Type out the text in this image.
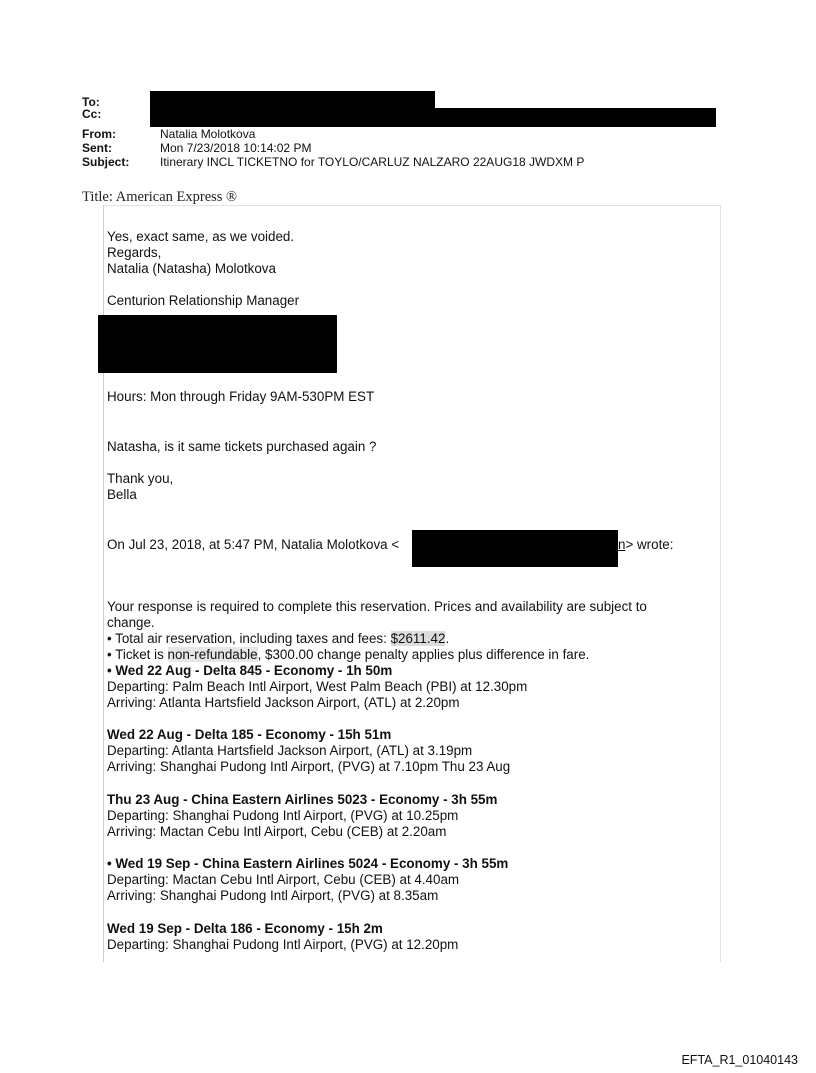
To:
Cc:
From:	Natalia Molotkova
Sent:	Mon 7/23/2018 10:14:02 PM
Subject:	Itinerary INCL TICKETNO for TOYLO/CARLUZ NALZARO 22AUG18 JWDXM P
Title: American Express ®
Yes, exact same, as we voided.
Regards,
Natalia (Natasha) Molotkova
Centurion Relationship Manager
Hours: Mon through Friday 9AM-530PM EST
Natasha, is it same tickets purchased again ?
Thank you,
Bella
On Jul 23, 2018, at 5:47 PM, Natalia Molotkova <	n> wrote:
Your response is required to complete this reservation. Prices and availability are subject to
change.
• Total air reservation, including taxes and fees: $2611.42.
• Ticket is non-refundable, $300.00 change penalty applies plus difference in fare.
• Wed 22 Aug - Delta 845 - Economy - 1h 50m
Departing: Palm Beach Intl Airport, West Palm Beach (PBI) at 12.30pm
Arriving: Atlanta Hartsfield Jackson Airport, (ATL) at 2.20pm
Wed 22 Aug - Delta 185 - Economy - 15h 51m
Departing: Atlanta Hartsfield Jackson Airport, (ATL) at 3.19pm
Arriving: Shanghai Pudong Intl Airport, (PVG) at 7.10pm Thu 23 Aug
Thu 23 Aug - China Eastern Airlines 5023 - Economy - 3h 55m
Departing: Shanghai Pudong Intl Airport, (PVG) at 10.25pm
Arriving: Mactan Cebu Intl Airport, Cebu (CEB) at 2.20am
• Wed 19 Sep - China Eastern Airlines 5024 - Economy - 3h 55m
Departing: Mactan Cebu Intl Airport, Cebu (CEB) at 4.40am
Arriving: Shanghai Pudong Intl Airport, (PVG) at 8.35am
Wed 19 Sep - Delta 186 - Economy - 15h 2m
Departing: Shanghai Pudong Intl Airport, (PVG) at 12.20pm
EFTA_R1_01040143
